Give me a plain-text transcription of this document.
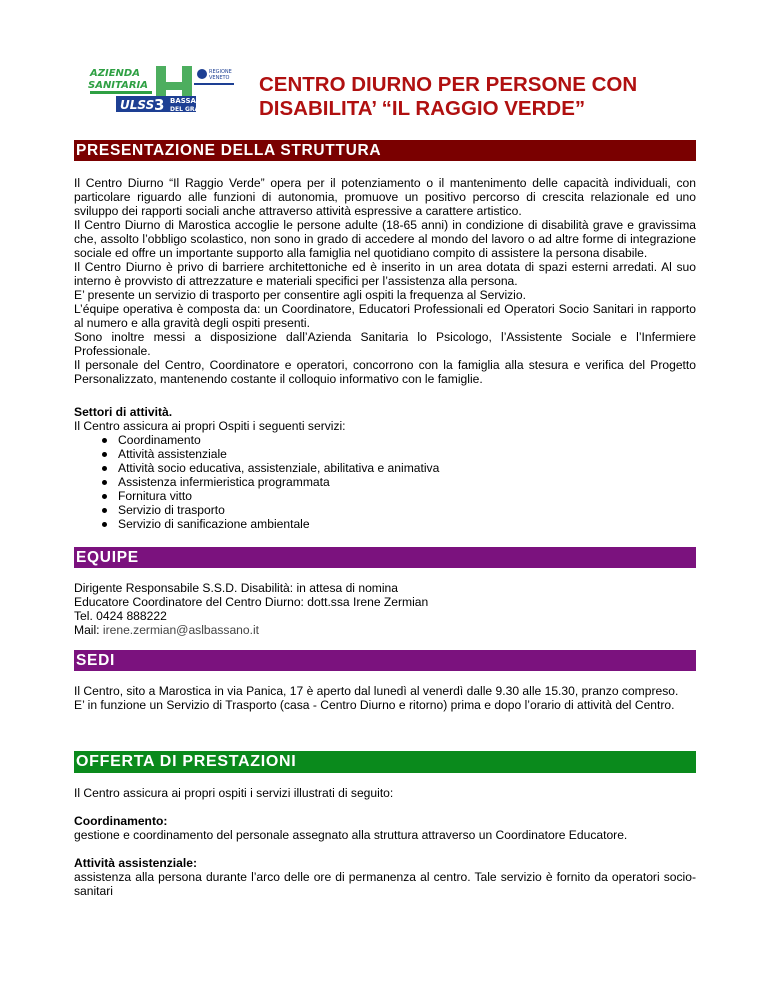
AZIENDA
SANITARIA
REGIONE
VENETO
ULSS 3 BASSANO
DEL GRAPPA
CENTRO DIURNO PER PERSONE CON
DISABILITA’ “IL RAGGIO VERDE”
PRESENTAZIONE DELLA STRUTTURA

Il Centro Diurno “Il Raggio Verde” opera per il potenziamento o il mantenimento delle capacità individuali, con particolare riguardo alle funzioni di autonomia, promuove un positivo percorso di crescita relazionale ed uno sviluppo dei rapporti sociali anche attraverso attività espressive a carattere artistico.

Il Centro Diurno di Marostica accoglie le persone adulte (18-65 anni) in condizione di disabilità grave e gravissima che, assolto l’obbligo scolastico, non sono in grado di accedere al mondo del lavoro o ad altre forme di integrazione sociale ed offre un importante supporto alla famiglia nel quotidiano compito di assistere la persona disabile.

Il Centro Diurno è privo di barriere architettoniche ed è inserito in un area dotata di spazi esterni arredati. Al suo interno è provvisto di attrezzature e materiali specifici per l’assistenza alla persona.

E’ presente un servizio di trasporto per consentire agli ospiti la frequenza al Servizio.

L’équipe operativa è composta da: un Coordinatore, Educatori Professionali ed Operatori Socio Sanitari in rapporto al numero e alla gravità degli ospiti presenti.

Sono inoltre messi a disposizione dall’Azienda Sanitaria lo Psicologo, l’Assistente Sociale e l’Infermiere Professionale.

Il personale del Centro, Coordinatore e operatori, concorrono con la famiglia alla stesura e verifica del Progetto Personalizzato, mantenendo costante il colloquio informativo con le famiglie.

Settori di attività.

Il Centro assicura ai propri Ospiti i seguenti servizi:

Coordinamento
Attività assistenziale
Attività socio educativa, assistenziale, abilitativa e animativa
Assistenza infermieristica programmata
Fornitura vitto
Servizio di trasporto
Servizio di sanificazione ambientale
EQUIPE

Dirigente Responsabile S.S.D. Disabilità: in attesa di nomina

Educatore Coordinatore del Centro Diurno: dott.ssa Irene Zermian

Tel. 0424 888222

Mail: irene.zermian@aslbassano.it

SEDI

Il Centro, sito a Marostica in via Panica, 17 è aperto dal lunedì al venerdì dalle 9.30 alle 15.30, pranzo compreso.

E’ in funzione un Servizio di Trasporto (casa - Centro Diurno e ritorno) prima e dopo l’orario di attività del Centro.

OFFERTA DI PRESTAZIONI

Il Centro assicura ai propri ospiti i servizi illustrati di seguito:

Coordinamento:

gestione e coordinamento del personale assegnato alla struttura attraverso un Coordinatore Educatore.

Attività assistenziale:

assistenza alla persona durante l’arco delle ore di permanenza al centro. Tale servizio è fornito da operatori socio-sanitari
